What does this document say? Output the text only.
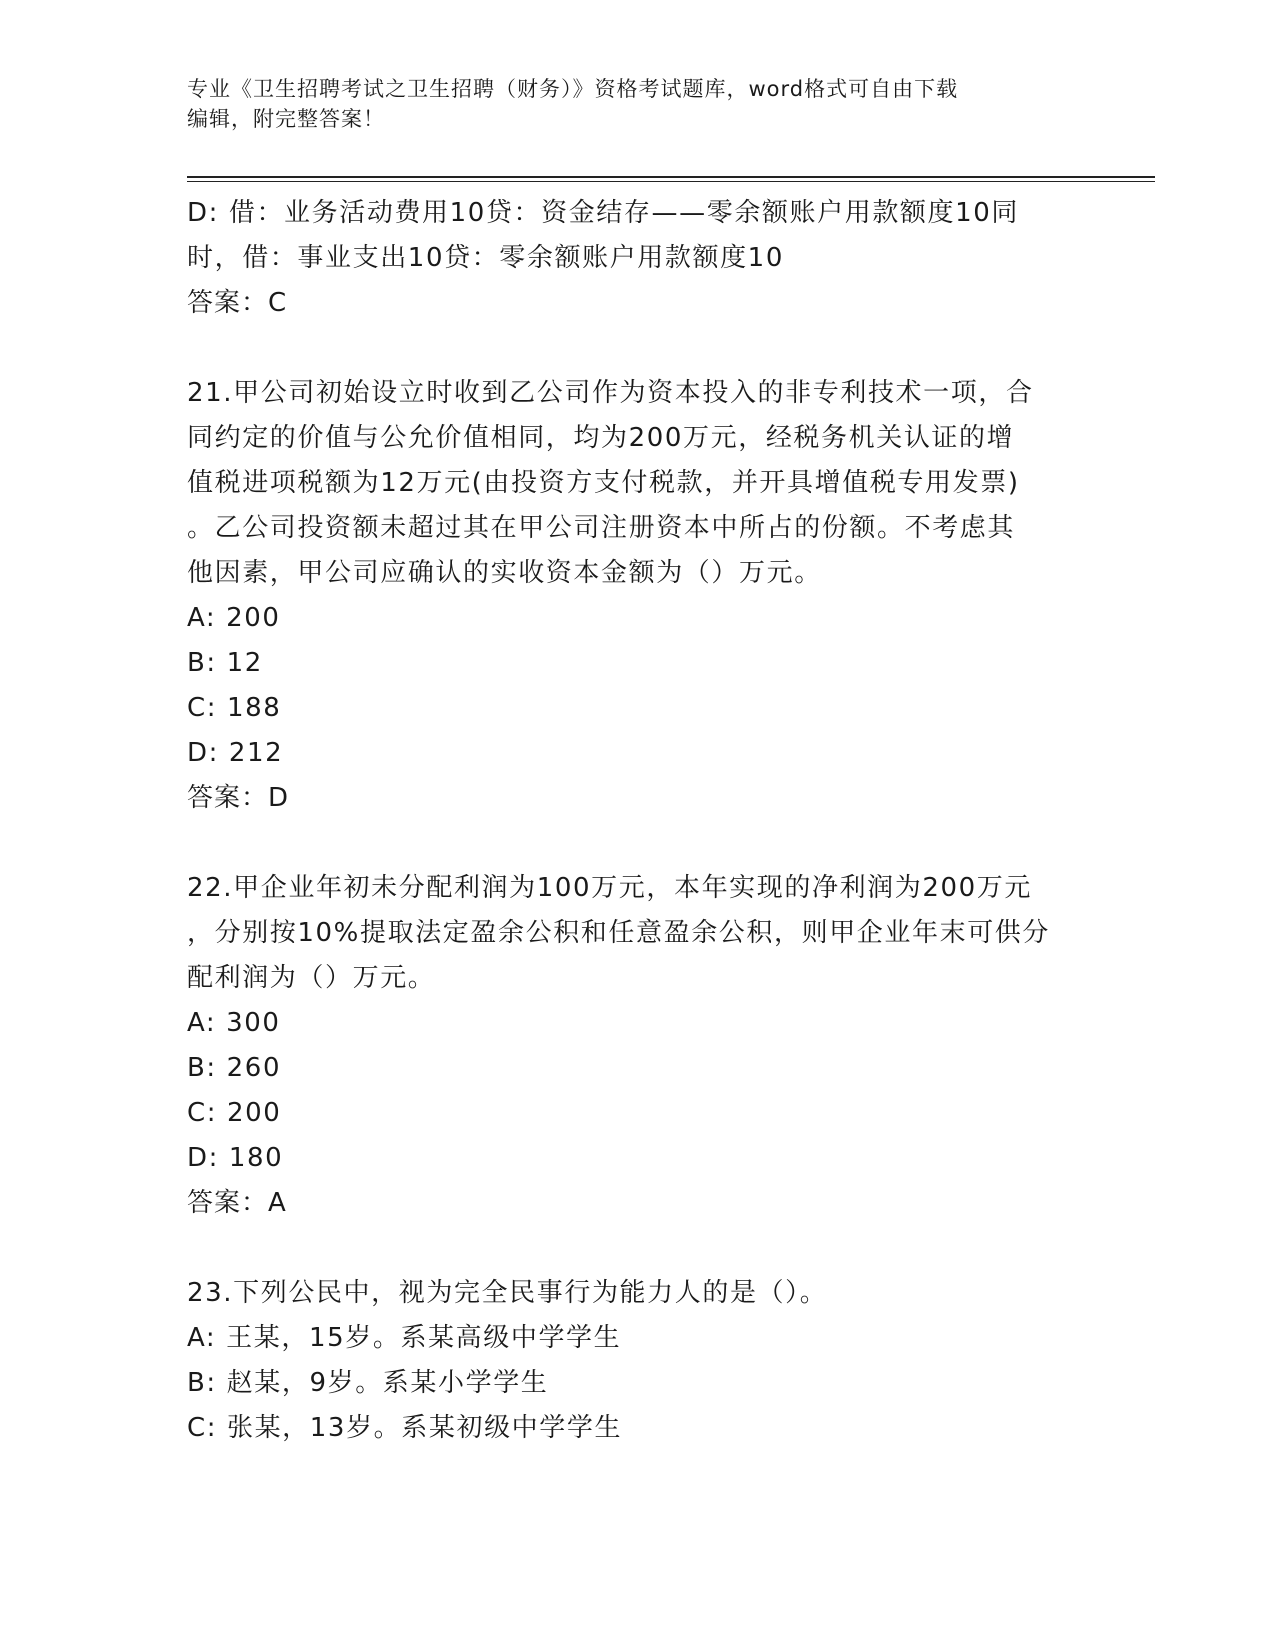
专业《卫生招聘考试之卫生招聘（财务）》资格考试题库，word格式可自由下载
编辑，附完整答案！
D: 借：业务活动费用10贷：资金结存——零余额账户用款额度10同
时，借：事业支出10贷：零余额账户用款额度10
答案：C
21.甲公司初始设立时收到乙公司作为资本投入的非专利技术一项，合
同约定的价值与公允价值相同，均为200万元，经税务机关认证的增
值税进项税额为12万元(由投资方支付税款，并开具增值税专用发票)
。乙公司投资额未超过其在甲公司注册资本中所占的份额。不考虑其
他因素，甲公司应确认的实收资本金额为（）万元。
A: 200
B: 12
C: 188
D: 212
答案：D
22.甲企业年初未分配利润为100万元，本年实现的净利润为200万元
，分别按10%提取法定盈余公积和任意盈余公积，则甲企业年末可供分
配利润为（）万元。
A: 300
B: 260
C: 200
D: 180
答案：A
23.下列公民中，视为完全民事行为能力人的是（）。
A: 王某，15岁。系某高级中学学生
B: 赵某，9岁。系某小学学生
C: 张某，13岁。系某初级中学学生
